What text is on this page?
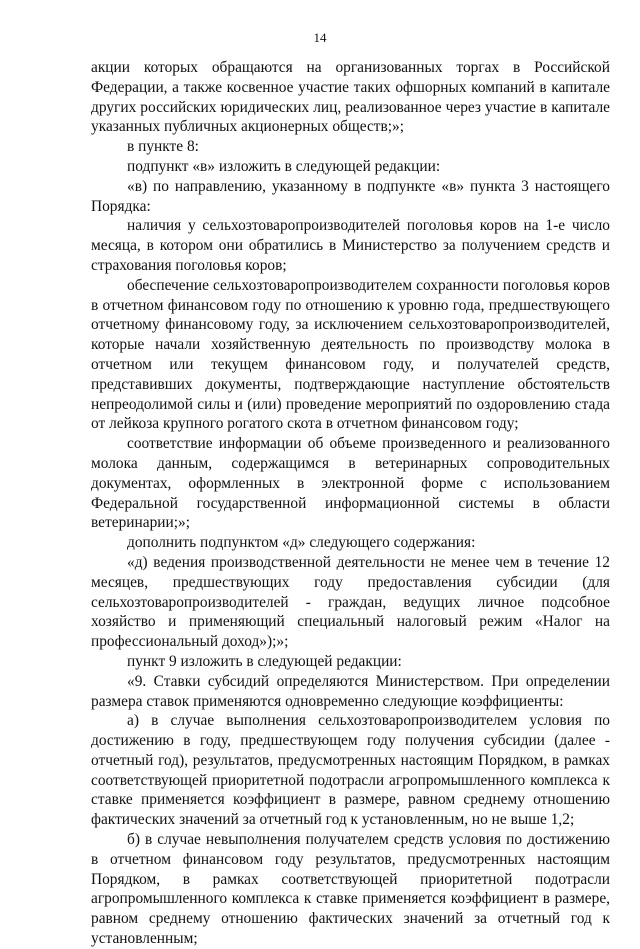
14

акции которых обращаются на организованных торгах в Российской Федерации, а также косвенное участие таких офшорных компаний в капитале других российских юридических лиц, реализованное через участие в капитале указанных публичных акционерных обществ;»;

в пункте 8:

подпункт «в» изложить в следующей редакции:

«в) по направлению, указанному в подпункте «в» пункта 3 настоящего Порядка:

наличия у сельхозтоваропроизводителей поголовья коров на 1-е число месяца, в котором они обратились в Министерство за получением средств и страхования поголовья коров;

обеспечение сельхозтоваропроизводителем сохранности поголовья коров в отчетном финансовом году по отношению к уровню года, предшествующего отчетному финансовому году, за исключением сельхозтоваропроизводителей, которые начали хозяйственную деятельность по производству молока в отчетном или текущем финансовом году, и получателей средств, представивших документы, подтверждающие наступление обстоятельств непреодолимой силы и (или) проведение мероприятий по оздоровлению стада от лейкоза крупного рогатого скота в отчетном финансовом году;

соответствие информации об объеме произведенного и реализованного молока данным, содержащимся в ветеринарных сопроводительных документах, оформленных в электронной форме с использованием Федеральной государственной информационной системы в области ветеринарии;»;

дополнить подпунктом «д» следующего содержания:

«д) ведения производственной деятельности не менее чем в течение 12 месяцев, предшествующих году предоставления субсидии (для сельхозтоваропроизводителей - граждан, ведущих личное подсобное хозяйство и применяющий специальный налоговый режим «Налог на профессиональный доход»);»;

пункт 9 изложить в следующей редакции:

«9. Ставки субсидий определяются Министерством. При определении размера ставок применяются одновременно следующие коэффициенты:

а) в случае выполнения сельхозтоваропроизводителем условия по достижению в году, предшествующем году получения субсидии (далее - отчетный год), результатов, предусмотренных настоящим Порядком, в рамках соответствующей приоритетной подотрасли агропромышленного комплекса к ставке применяется коэффициент в размере, равном среднему отношению фактических значений за отчетный год к установленным, но не выше 1,2;

б) в случае невыполнения получателем средств условия по достижению в отчетном финансовом году результатов, предусмотренных настоящим Порядком, в рамках соответствующей приоритетной подотрасли агропромышленного комплекса к ставке применяется коэффициент в размере, равном среднему отношению фактических значений за отчетный год к установленным;
